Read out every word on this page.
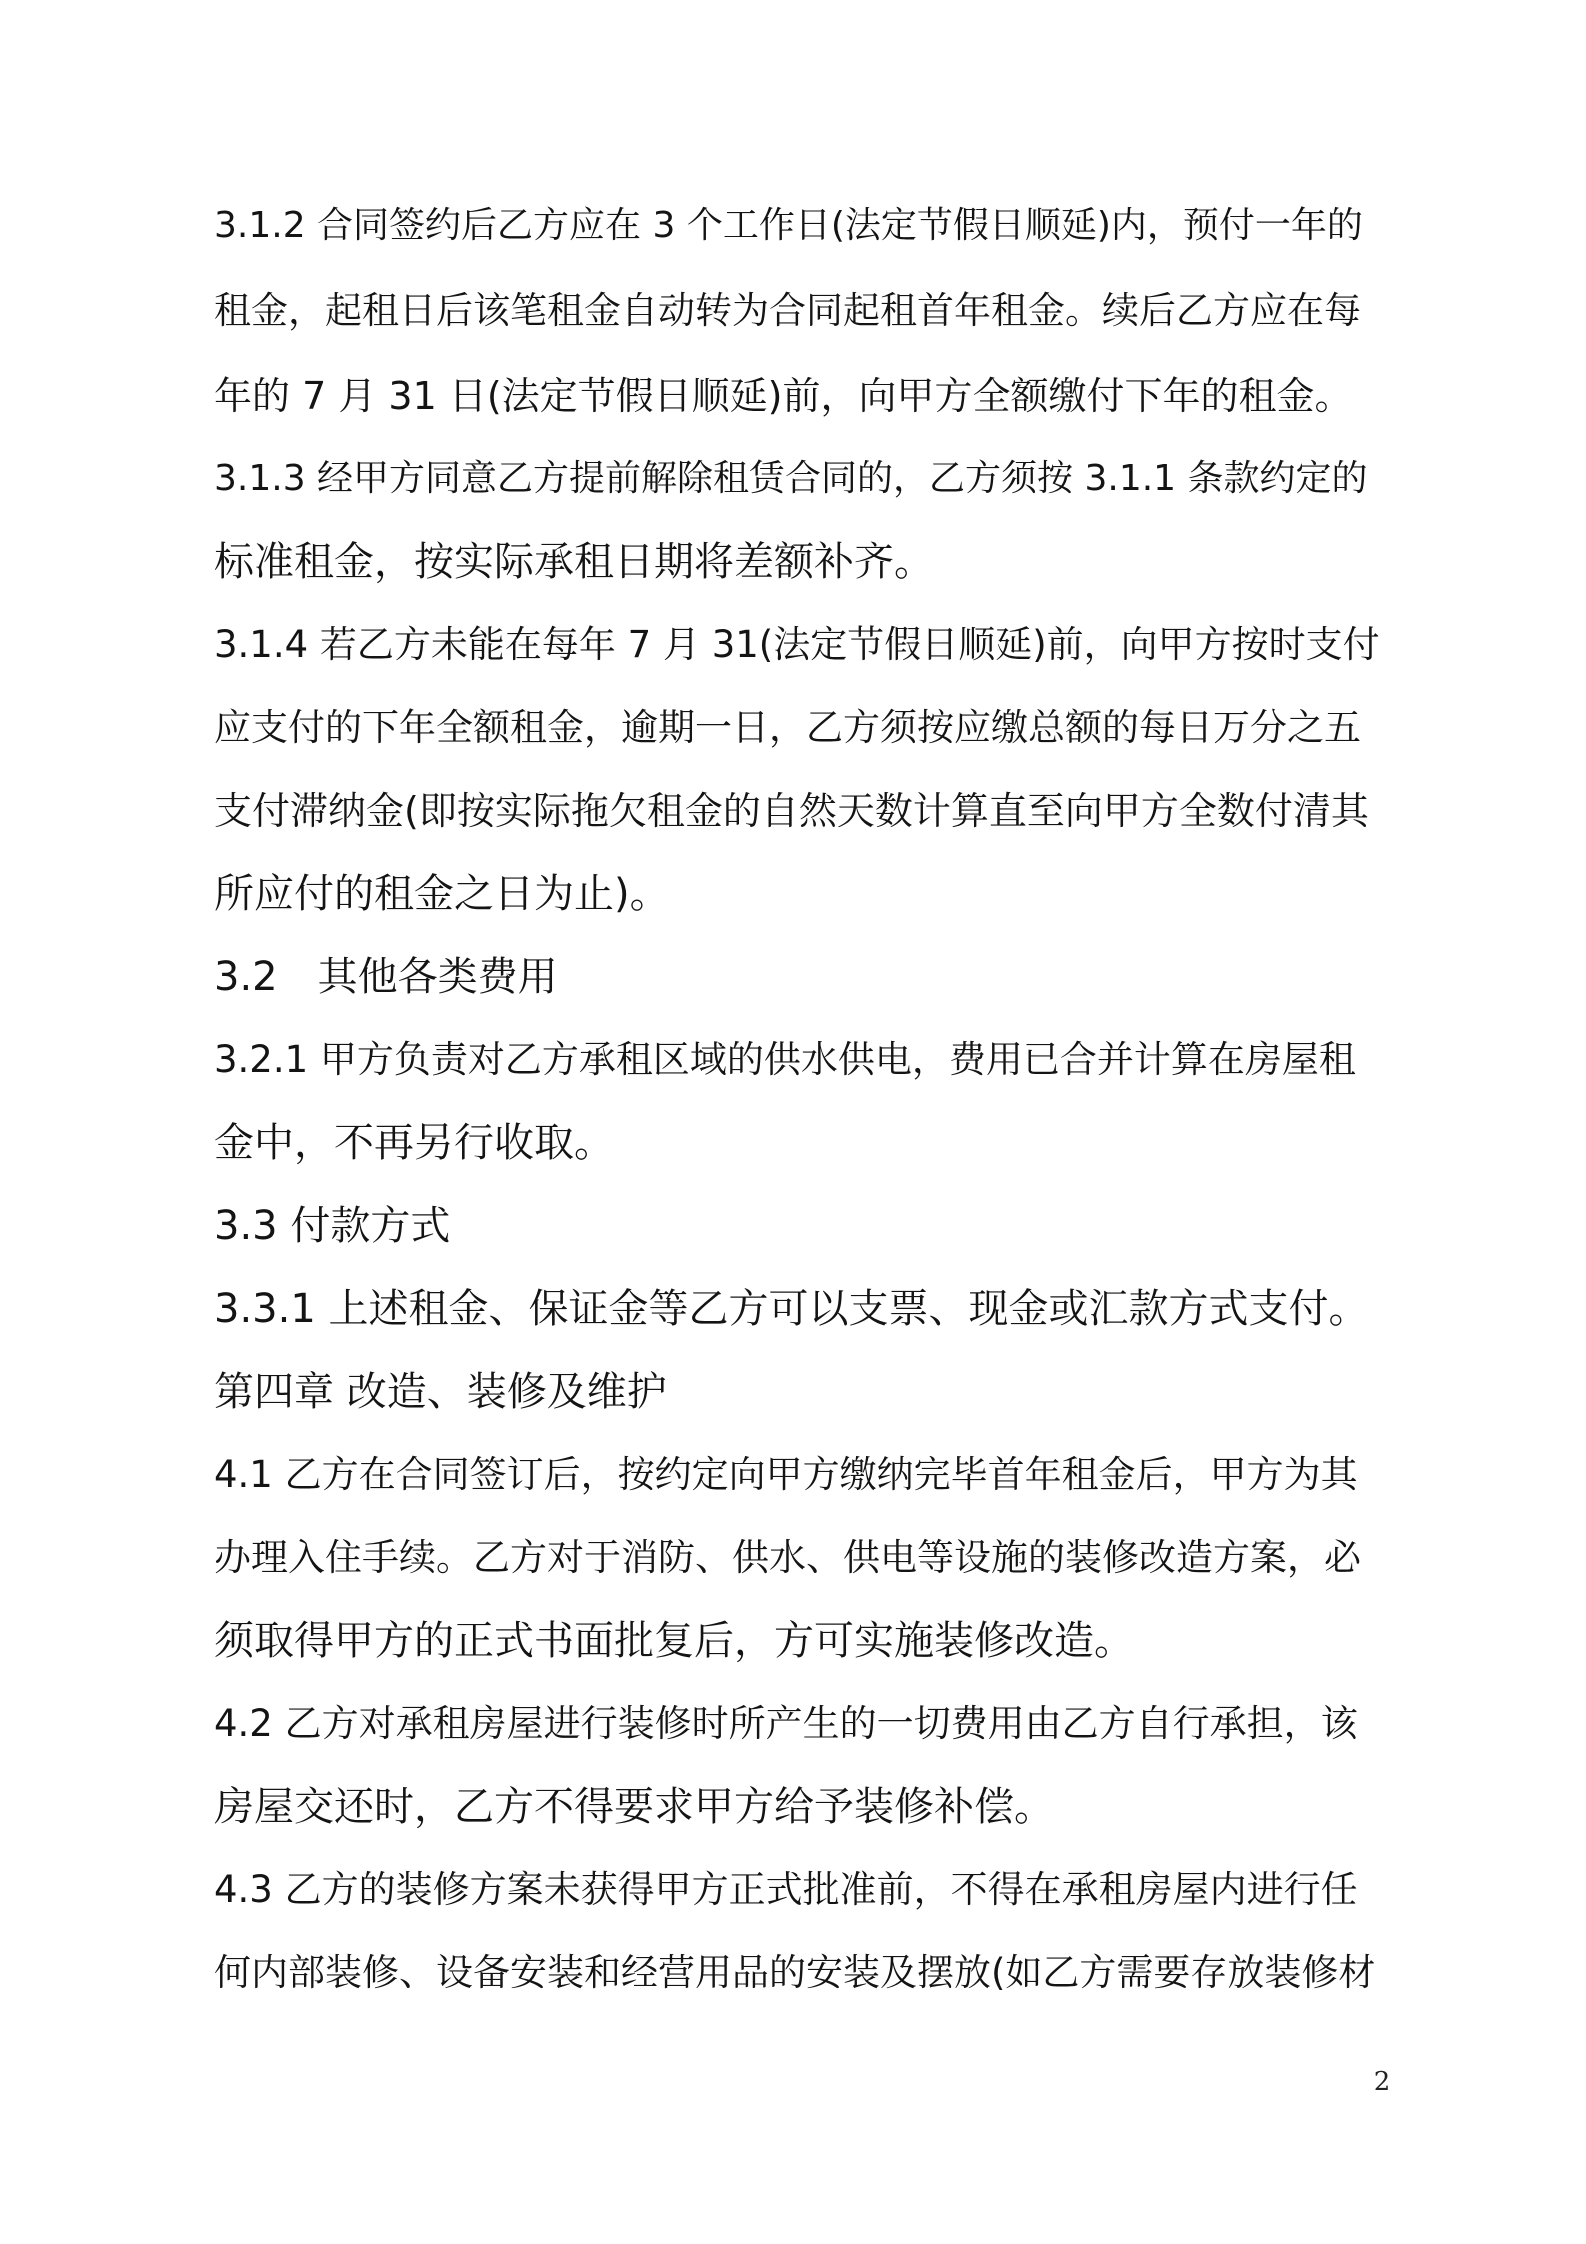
3.1.2 合同签约后乙方应在 3 个工作日(法定节假日顺延)内，预付一年的

租金，起租日后该笔租金自动转为合同起租首年租金。续后乙方应在每

年的 7 月 31 日(法定节假日顺延)前，向甲方全额缴付下年的租金。

3.1.3 经甲方同意乙方提前解除租赁合同的，乙方须按 3.1.1 条款约定的

标准租金，按实际承租日期将差额补齐。

3.1.4 若乙方未能在每年 7 月 31(法定节假日顺延)前，向甲方按时支付

应支付的下年全额租金，逾期一日，乙方须按应缴总额的每日万分之五

支付滞纳金(即按实际拖欠租金的自然天数计算直至向甲方全数付清其

所应付的租金之日为止)。

3.2　其他各类费用

3.2.1 甲方负责对乙方承租区域的供水供电，费用已合并计算在房屋租

金中，不再另行收取。

3.3 付款方式

3.3.1 上述租金、保证金等乙方可以支票、现金或汇款方式支付。

第四章 改造、装修及维护

4.1 乙方在合同签订后，按约定向甲方缴纳完毕首年租金后，甲方为其

办理入住手续。乙方对于消防、供水、供电等设施的装修改造方案，必

须取得甲方的正式书面批复后，方可实施装修改造。

4.2 乙方对承租房屋进行装修时所产生的一切费用由乙方自行承担，该

房屋交还时，乙方不得要求甲方给予装修补偿。

4.3 乙方的装修方案未获得甲方正式批准前，不得在承租房屋内进行任

何内部装修、设备安装和经营用品的安装及摆放(如乙方需要存放装修材

2
